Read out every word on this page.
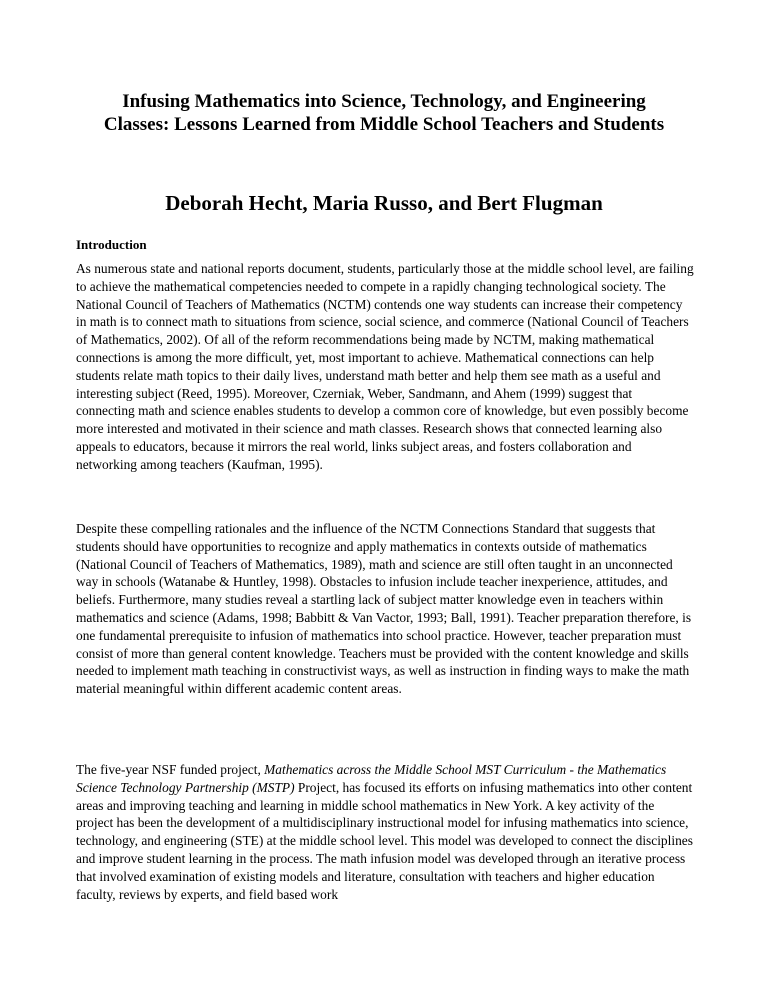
Infusing Mathematics into Science, Technology, and Engineering Classes: Lessons Learned from Middle School Teachers and Students
Deborah Hecht, Maria Russo, and Bert Flugman
Introduction

As numerous state and national reports document, students, particularly those at the middle school level, are failing to achieve the mathematical competencies needed to compete in a rapidly changing technological society. The National Council of Teachers of Mathematics (NCTM) contends one way students can increase their competency in math is to connect math to situations from science, social science, and commerce (National Council of Teachers of Mathematics, 2002). Of all of the reform recommendations being made by NCTM, making mathematical connections is among the more difficult, yet, most important to achieve. Mathematical connections can help students relate math topics to their daily lives, understand math better and help them see math as a useful and interesting subject (Reed, 1995). Moreover, Czerniak, Weber, Sandmann, and Ahem (1999) suggest that connecting math and science enables students to develop a common core of knowledge, but even possibly become more interested and motivated in their science and math classes. Research shows that connected learning also appeals to educators, because it mirrors the real world, links subject areas, and fosters collaboration and networking among teachers (Kaufman, 1995).

Despite these compelling rationales and the influence of the NCTM Connections Standard that suggests that students should have opportunities to recognize and apply mathematics in contexts outside of mathematics (National Council of Teachers of Mathematics, 1989), math and science are still often taught in an unconnected way in schools (Watanabe & Huntley, 1998). Obstacles to infusion include teacher inexperience, attitudes, and beliefs. Furthermore, many studies reveal a startling lack of subject matter knowledge even in teachers within mathematics and science (Adams, 1998; Babbitt & Van Vactor, 1993; Ball, 1991). Teacher preparation therefore, is one fundamental prerequisite to infusion of mathematics into school practice. However, teacher preparation must consist of more than general content knowledge. Teachers must be provided with the content knowledge and skills needed to implement math teaching in constructivist ways, as well as instruction in finding ways to make the math material meaningful within different academic content areas.

The five-year NSF funded project, Mathematics across the Middle School MST Curriculum - the Mathematics Science Technology Partnership (MSTP) Project, has focused its efforts on infusing mathematics into other content areas and improving teaching and learning in middle school mathematics in New York. A key activity of the project has been the development of a multidisciplinary instructional model for infusing mathematics into science, technology, and engineering (STE) at the middle school level. This model was developed to connect the disciplines and improve student learning in the process. The math infusion model was developed through an iterative process that involved examination of existing models and literature, consultation with teachers and higher education faculty, reviews by experts, and field based work
